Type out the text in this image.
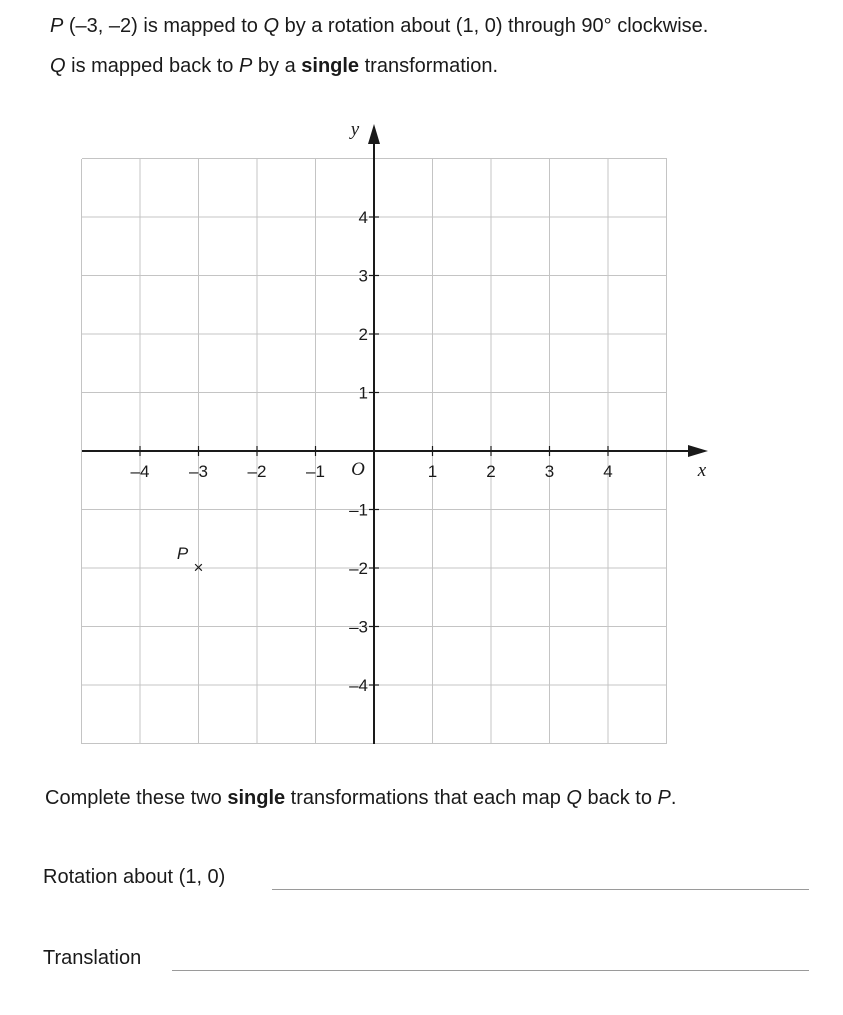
P (–3, –2) is mapped to Q by a rotation about (1, 0) through 90° clockwise.
Q is mapped back to P by a single transformation.
x
y
O
–4 –3 –2 –1	1	2	3	4
4
3
2
1
–1
–2
–3
–4
×
P
Complete these two single transformations that each map Q back to P.
Rotation about (1, 0)
Translation
